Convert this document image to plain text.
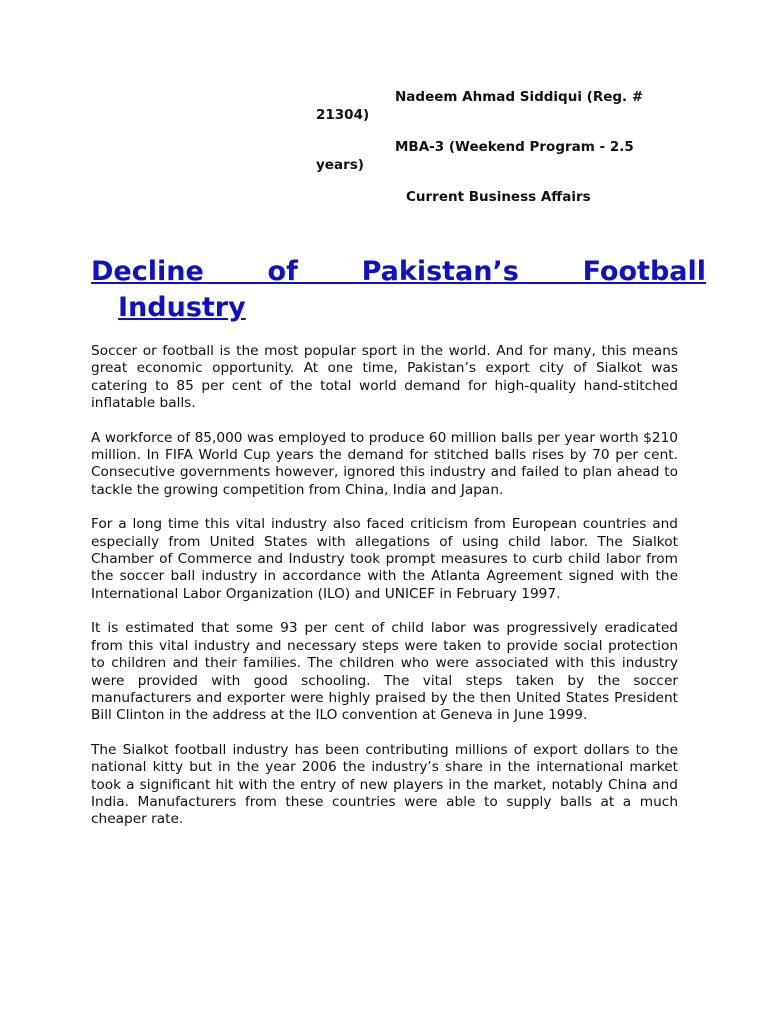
Nadeem Ahmad Siddiqui (Reg. # 21304)

MBA-3 (Weekend Program - 2.5 years)

Current Business Affairs

Decline of Pakistan’s Football
Industry

Soccer or football is the most popular sport in the world. And for many, this means great economic opportunity. At one time, Pakistan’s export city of Sialkot was catering to 85 per cent of the total world demand for high-quality hand-stitched inflatable balls.

A workforce of 85,000 was employed to produce 60 million balls per year worth $210 million. In FIFA World Cup years the demand for stitched balls rises by 70 per cent. Consecutive governments however, ignored this industry and failed to plan ahead to tackle the growing competition from China, India and Japan.

For a long time this vital industry also faced criticism from European countries and especially from United States with allegations of using child labor. The Sialkot Chamber of Commerce and Industry took prompt measures to curb child labor from the soccer ball industry in accordance with the Atlanta Agreement signed with the International Labor Organization (ILO) and UNICEF in February 1997.

It is estimated that some 93 per cent of child labor was progressively eradicated from this vital industry and necessary steps were taken to provide social protection to children and their families. The children who were associated with this industry were provided with good schooling. The vital steps taken by the soccer manufacturers and exporter were highly praised by the then United States President Bill Clinton in the address at the ILO convention at Geneva in June 1999.

The Sialkot football industry has been contributing millions of export dollars to the national kitty but in the year 2006 the industry’s share in the international market took a significant hit with the entry of new players in the market, notably China and India. Manufacturers from these countries were able to supply balls at a much cheaper rate.
